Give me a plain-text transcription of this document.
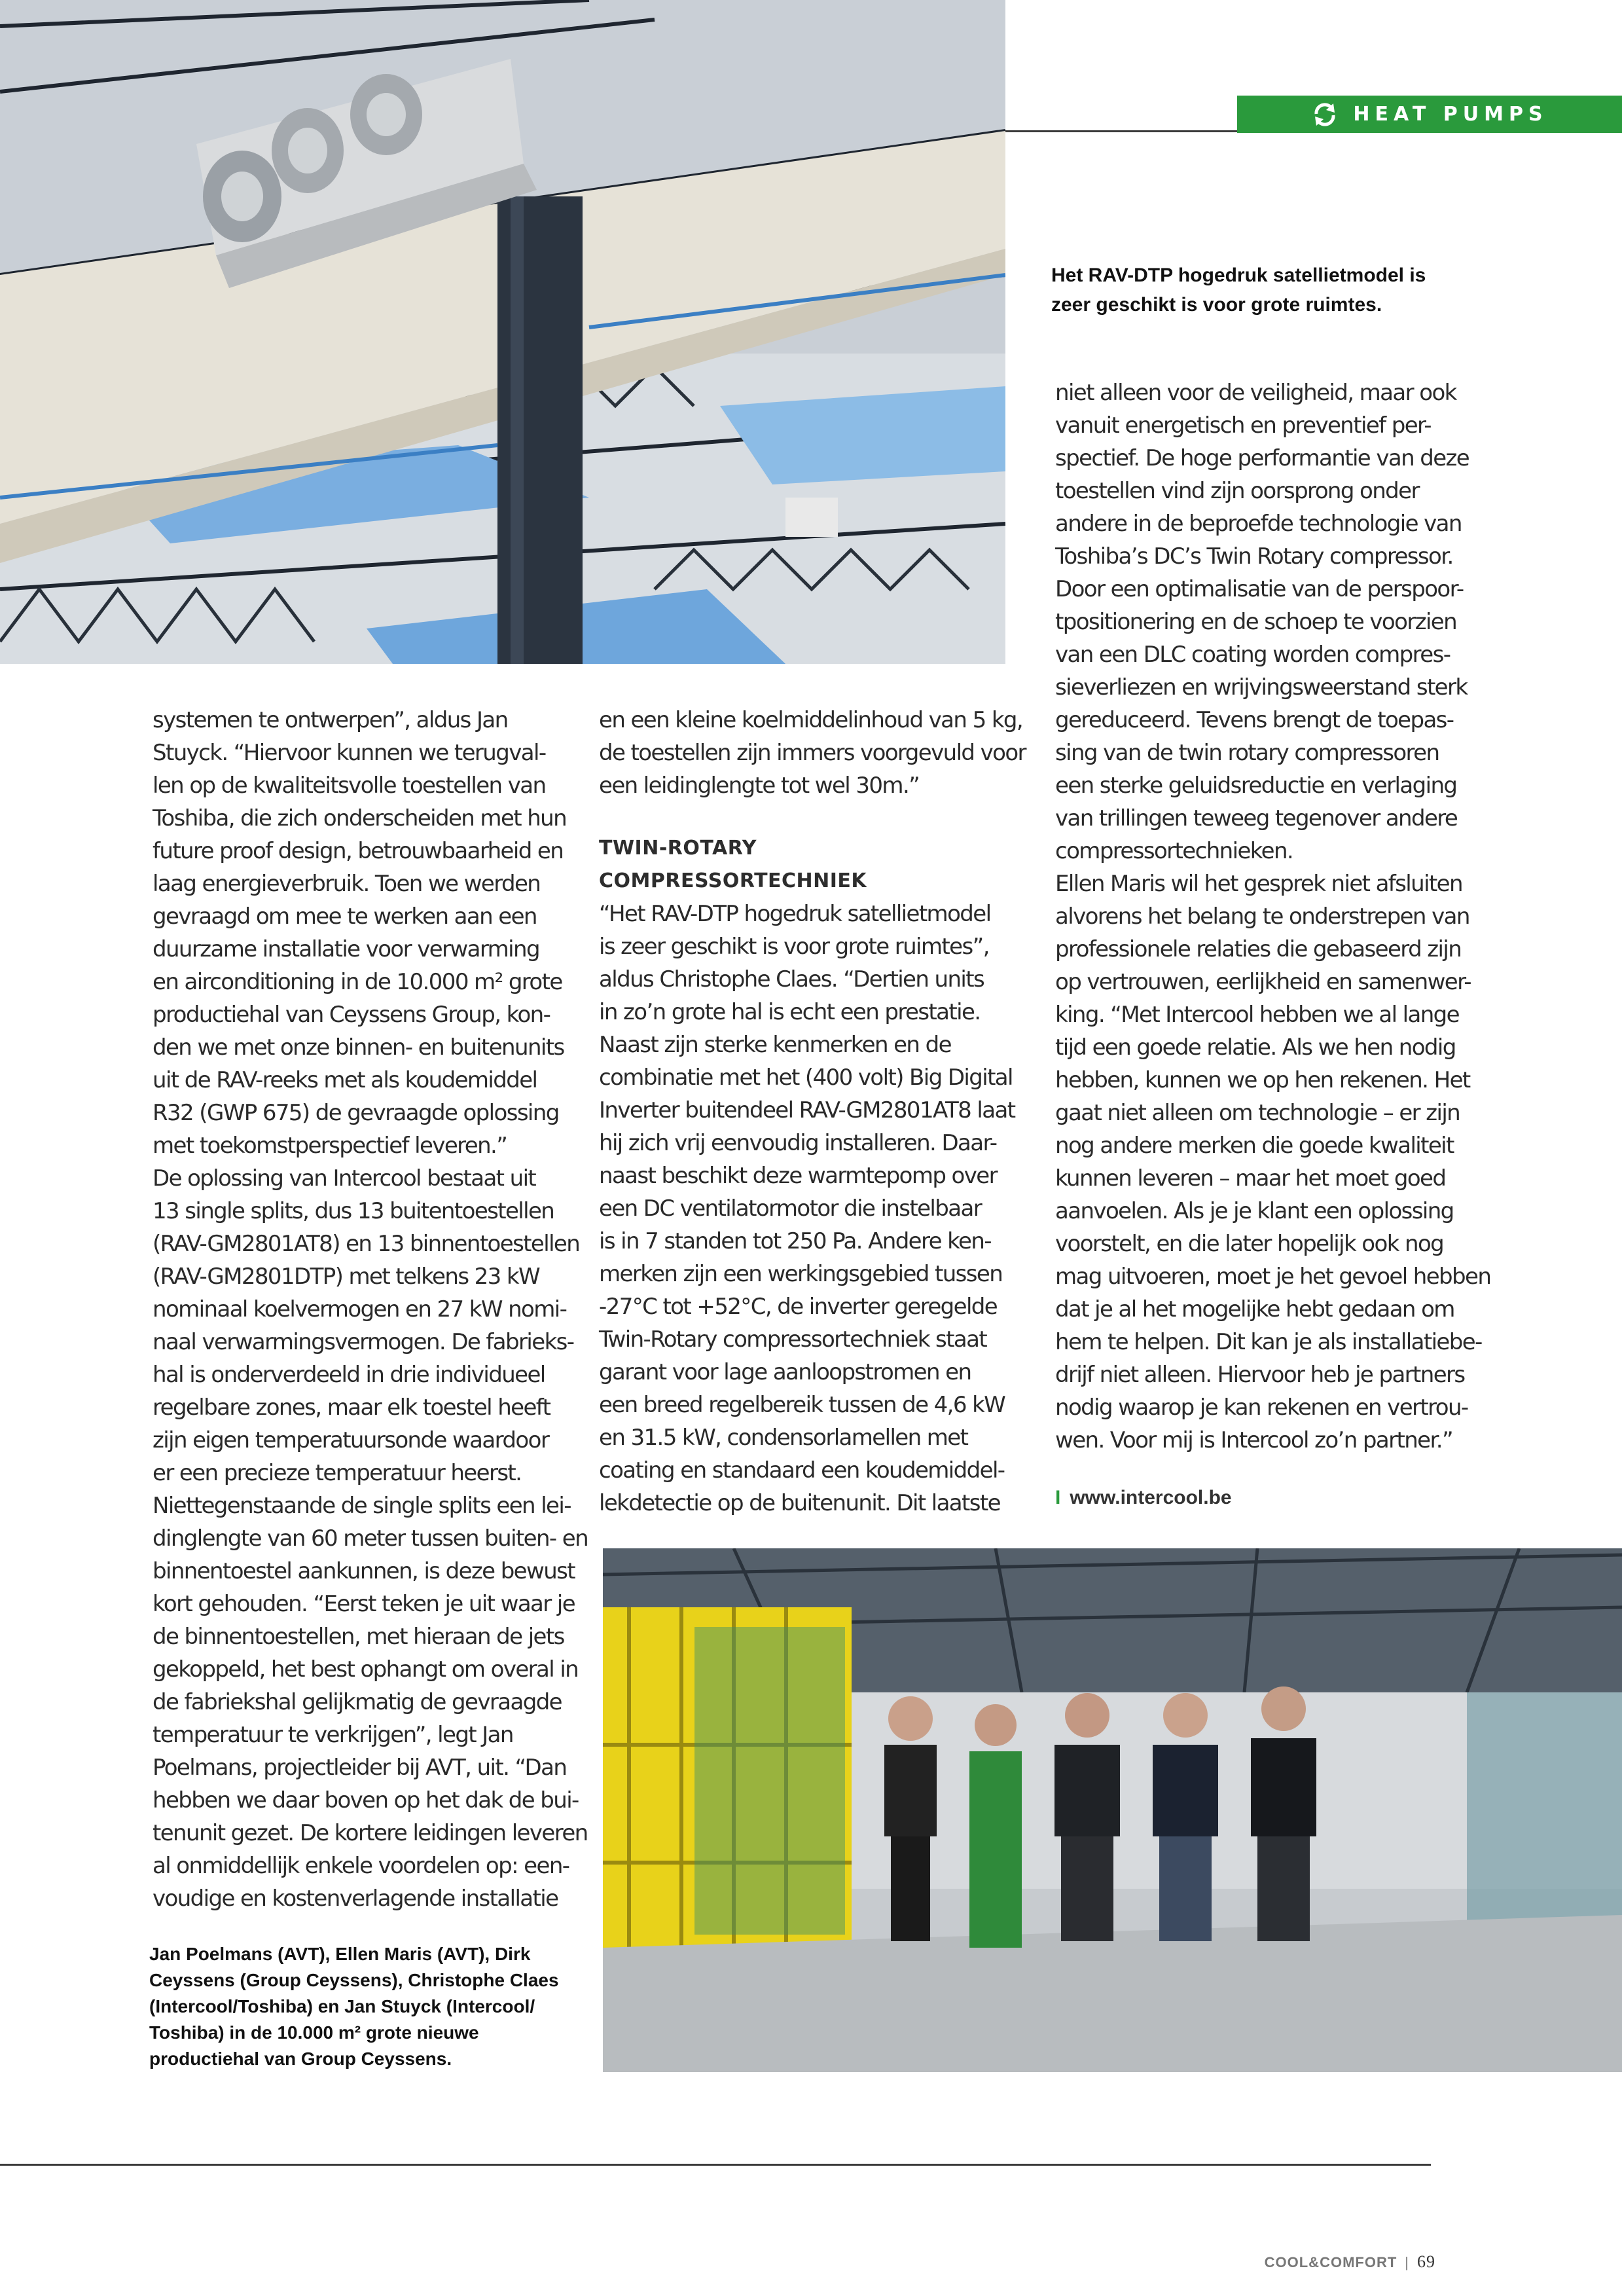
HEAT PUMPS
Het RAV-DTP hogedruk satellietmodel is zeer geschikt is voor grote ruimtes.
systemen te ontwerpen”, aldus Jan
Stuyck. “Hiervoor kunnen we terugval-
len op de kwaliteitsvolle toestellen van
Toshiba, die zich onderscheiden met hun
future proof design, betrouwbaarheid en
laag energieverbruik. Toen we werden
gevraagd om mee te werken aan een
duurzame installatie voor verwarming
en airconditioning in de 10.000 m² grote
productiehal van Ceyssens Group, kon-
den we met onze binnen- en buitenunits
uit de RAV-reeks met als koudemiddel
R32 (GWP 675) de gevraagde oplossing
met toekomstperspectief leveren.”
De oplossing van Intercool bestaat uit
13 single splits, dus 13 buitentoestellen
(RAV-GM2801AT8) en 13 binnentoestellen
(RAV-GM2801DTP) met telkens 23 kW
nominaal koelvermogen en 27 kW nomi-
naal verwarmingsvermogen. De fabrieks-
hal is onderverdeeld in drie individueel
regelbare zones, maar elk toestel heeft
zijn eigen temperatuursonde waardoor
er een precieze temperatuur heerst.
Niettegenstaande de single splits een lei-
dinglengte van 60 meter tussen buiten- en
binnentoestel aankunnen, is deze bewust
kort gehouden. “Eerst teken je uit waar je
de binnentoestellen, met hieraan de jets
gekoppeld, het best ophangt om overal in
de fabriekshal gelijkmatig de gevraagde
temperatuur te verkrijgen”, legt Jan
Poelmans, projectleider bij AVT, uit. “Dan
hebben we daar boven op het dak de bui-
tenunit gezet. De kortere leidingen leveren
al onmiddellijk enkele voordelen op: een-
voudige en kostenverlagende installatie
en een kleine koelmiddelinhoud van 5 kg,
de toestellen zijn immers voorgevuld voor
een leidinglengte tot wel 30m.”
TWIN-ROTARY
COMPRESSORTECHNIEK
“Het RAV-DTP hogedruk satellietmodel
is zeer geschikt is voor grote ruimtes”,
aldus Christophe Claes. “Dertien units
in zo’n grote hal is echt een prestatie.
Naast zijn sterke kenmerken en de
combinatie met het (400 volt) Big Digital
Inverter buitendeel RAV-GM2801AT8 laat
hij zich vrij eenvoudig installeren. Daar-
naast beschikt deze warmtepomp over
een DC ventilatormotor die instelbaar
is in 7 standen tot 250 Pa. Andere ken-
merken zijn een werkingsgebied tussen
-27°C tot +52°C, de inverter geregelde
Twin-Rotary compressortechniek staat
garant voor lage aanloopstromen en
een breed regelbereik tussen de 4,6 kW
en 31.5 kW, condensorlamellen met
coating en standaard een koudemiddel-
lekdetectie op de buitenunit. Dit laatste
niet alleen voor de veiligheid, maar ook
vanuit energetisch en preventief per-
spectief. De hoge performantie van deze
toestellen vind zijn oorsprong onder
andere in de beproefde technologie van
Toshiba’s DC’s Twin Rotary compressor.
Door een optimalisatie van de perspoor-
tpositionering en de schoep te voorzien
van een DLC coating worden compres-
sieverliezen en wrijvingsweerstand sterk
gereduceerd. Tevens brengt de toepas-
sing van de twin rotary compressoren
een sterke geluidsreductie en verlaging
van trillingen teweeg tegenover andere
compressortechnieken.
Ellen Maris wil het gesprek niet afsluiten
alvorens het belang te onderstrepen van
professionele relaties die gebaseerd zijn
op vertrouwen, eerlijkheid en samenwer-
king. “Met Intercool hebben we al lange
tijd een goede relatie. Als we hen nodig
hebben, kunnen we op hen rekenen. Het
gaat niet alleen om technologie – er zijn
nog andere merken die goede kwaliteit
kunnen leveren – maar het moet goed
aanvoelen. Als je je klant een oplossing
voorstelt, en die later hopelijk ook nog
mag uitvoeren, moet je het gevoel hebben
dat je al het mogelijke hebt gedaan om
hem te helpen. Dit kan je als installatiebe-
drijf niet alleen. Hiervoor heb je partners
nodig waarop je kan rekenen en vertrou-
wen. Voor mij is Intercool zo’n partner.”
I www.intercool.be
Jan Poelmans (AVT), Ellen Maris (AVT), Dirk Ceyssens (Group Ceyssens), Christophe Claes (Intercool/Toshiba) en Jan Stuyck (Intercool/ Toshiba) in de 10.000 m² grote nieuwe productiehal van Group Ceyssens.
COOL&COMFORT | 69
